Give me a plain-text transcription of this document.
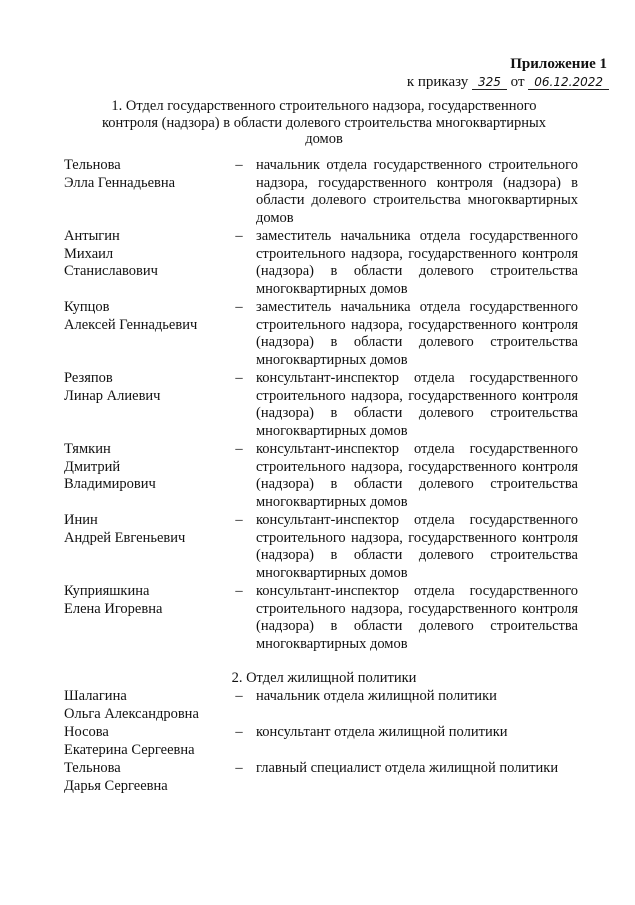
Приложение 1
к приказу 325 от 06.12.2022
1. Отдел государственного строительного надзора, государственного
контроля (надзора) в области долевого строительства многоквартирных
домов
Тельнова
Элла Геннадьевна
– начальник отдела государственного строительного надзора, государственного контроля (надзора) в области долевого строительства многоквартирных домов
Антыгин
Михаил
Станиславович
– заместитель начальника отдела государственного строительного надзора, государственного контроля (надзора) в области долевого строительства многоквартирных домов
Купцов
Алексей Геннадьевич
– заместитель начальника отдела государственного строительного надзора, государственного контроля (надзора) в области долевого строительства многоквартирных домов
Резяпов
Линар Алиевич
– консультант-инспектор отдела государственного строительного надзора, государственного контроля (надзора) в области долевого строительства многоквартирных домов
Тямкин
Дмитрий
Владимирович
– консультант-инспектор отдела государственного строительного надзора, государственного контроля (надзора) в области долевого строительства многоквартирных домов
Инин
Андрей Евгеньевич
– консультант-инспектор отдела государственного строительного надзора, государственного контроля (надзора) в области долевого строительства многоквартирных домов
Куприяшкина
Елена Игоревна
– консультант-инспектор отдела государственного строительного надзора, государственного контроля (надзора) в области долевого строительства многоквартирных домов
2. Отдел жилищной политики
Шалагина
Ольга Александровна
– начальник отдела жилищной политики
Носова
Екатерина Сергеевна
– консультант отдела жилищной политики
Тельнова
Дарья Сергеевна
– главный специалист отдела жилищной политики
